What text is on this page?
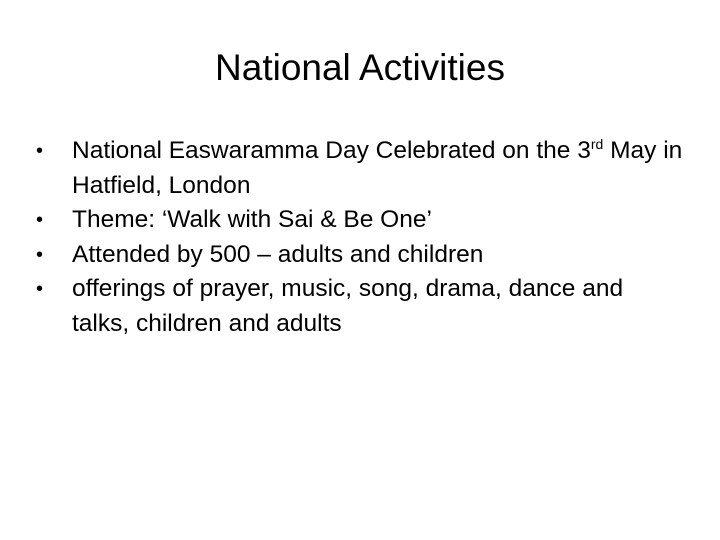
National Activities
•	National Easwaramma Day Celebrated on the 3rd May in Hatfield, London
•	Theme: ‘Walk with Sai & Be One’
•	Attended by 500 – adults and children
•	offerings of prayer, music, song, drama, dance and talks, children and adults
